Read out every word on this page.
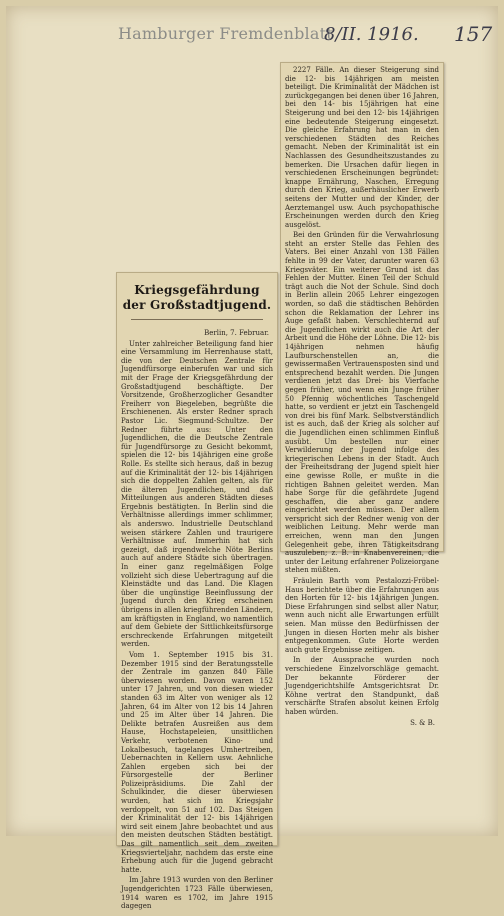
Hamburger Fremdenblatt
8/II. 1916. 157

2227 Fälle. An dieser Steigerung sind die 12- bis 14jährigen am meisten beteiligt. Die Kriminalität der Mädchen ist zurückgegangen bei denen über 16 Jahren, bei den 14- bis 15jährigen hat eine Steigerung und bei den 12- bis 14jährigen eine bedeutende Steigerung eingesetzt. Die gleiche Erfahrung hat man in den verschiedenen Städten des Reiches gemacht. Neben der Kriminalität ist ein Nachlassen des Gesundheitszustandes zu bemerken. Die Ursachen dafür liegen in verschiedenen Erscheinungen begründet: knappe Ernährung, Naschen, Erregung durch den Krieg, außerhäuslicher Erwerb seitens der Mutter und der Kinder, der Aerztemangel usw. Auch psychopathische Erscheinungen werden durch den Krieg ausgelöst.

Bei den Gründen für die Verwahrlosung steht an erster Stelle das Fehlen des Vaters. Bei einer Anzahl von 138 Fällen fehlte in 99 der Vater, darunter waren 63 Kriegsväter. Ein weiterer Grund ist das Fehlen der Mutter. Einen Teil der Schuld trägt auch die Not der Schule. Sind doch in Berlin allein 2065 Lehrer eingezogen worden, so daß die städtischen Behörden schon die Reklamation der Lehrer ins Auge gefaßt haben. Verschlechternd auf die Jugendlichen wirkt auch die Art der Arbeit und die Höhe der Löhne. Die 12- bis 14jährigen nehmen häufig Laufburschenstellen an, die gewissermaßen Vertrauensposten sind und entsprechend bezahlt werden. Die Jungen verdienen jetzt das Drei- bis Vierfache gegen früher, und wenn ein Junge früher 50 Pfennig wöchentliches Taschengeld hatte, so verdient er jetzt ein Taschengeld von drei bis fünf Mark. Selbstverständlich ist es auch, daß der Krieg als solcher auf die Jugendlichen einen schlimmen Einfluß ausübt. Um bestellen nur einer Verwilderung der Jugend infolge des kriegerischen Lebens in der Stadt. Auch der Freiheitsdrang der Jugend spielt hier eine gewisse Rolle, er mußte in die richtigen Bahnen geleitet werden. Man habe Sorge für die gefährdete Jugend geschaffen, die aber ganz andere eingerichtet werden müssen. Der allem verspricht sich der Redner wenig von der weiblichen Leitung. Mehr werde man erreichen, wenn man den Jungen Gelegenheit gebe, ihren Tätigkeitsdrang auszuleben; z. B. in Knabenvereinen, die unter der Leitung erfahrener Polizeiorgane stehen müßten.

Fräulein Barth vom Pestalozzi-Fröbel-Haus berichtete über die Erfahrungen aus den Horten für 12- bis 14jährigen Jungen. Diese Erfahrungen sind selbst aller Natur, wenn auch nicht alle Erwartungen erfüllt seien. Man müsse den Bedürfnissen der Jungen in diesen Horten mehr als bisher entgegenkommen. Gute Horte werden auch gute Ergebnisse zeitigen.

In der Aussprache wurden noch verschiedene Einzelvorschläge gemacht. Der bekannte Förderer der Jugendgerichtshilfe Amtsgerichtsrat Dr. Köhne vertrat den Standpunkt, daß verschärfte Strafen absolut keinen Erfolg haben würden.

S. & B.
Kriegsgefährdung der Großstadtjugend.
Berlin, 7. Februar.

Unter zahlreicher Beteiligung fand hier eine Versammlung im Herrenhause statt, die von der Deutschen Zentrale für Jugendfürsorge einberufen war und sich mit der Frage der Kriegsgefährdung der Großstadtjugend beschäftigte. Der Vorsitzende, Großherzoglicher Gesandter Freiherr von Biegeleben, begrüßte die Erschienenen. Als erster Redner sprach Pastor Lic. Siegmund-Schultze. Der Redner führte aus: Unter den Jugendlichen, die die Deutsche Zentrale für Jugendfürsorge zu Gesicht bekommt, spielen die 12- bis 14jährigen eine große Rolle. Es stellte sich heraus, daß in bezug auf die Kriminalität der 12- bis 14jährigen sich die doppelten Zahlen gelten, als für die älteren Jugendlichen, und daß Mitteilungen aus anderen Städten dieses Ergebnis bestätigten. In Berlin sind die Verhältnisse allerdings immer schlimmer, als anderswo. Industrielle Deutschland weisen stärkere Zahlen und traurigere Verhältnisse auf. Immerhin hat sich gezeigt, daß irgendwelche Nöte Berlins auch auf andere Städte sich übertragen. In einer ganz regelmäßigen Folge vollzieht sich diese Uebertragung auf die Kleinstädte und das Land. Die Klagen über die ungünstige Beeinflussung der Jugend durch den Krieg erscheinen übrigens in allen kriegführenden Ländern, am kräftigsten in England, wo namentlich auf dem Gebiete der Sittlichkeitsfürsorge erschreckende Erfahrungen mitgeteilt werden.

Vom 1. September 1915 bis 31. Dezember 1915 sind der Beratungsstelle der Zentrale im ganzen 840 Fälle überwiesen worden. Davon waren 152 unter 17 Jahren, und von diesen wieder standen 63 im Alter von weniger als 12 Jahren, 64 im Alter von 12 bis 14 Jahren und 25 im Alter über 14 Jahren. Die Delikte betrafen Ausreißen aus dem Hause, Hochstapeleien, unsittlichen Verkehr, verbotenen Kino- und Lokalbesuch, tagelanges Umhertreiben, Uebernachten in Kellern usw. Aehnliche Zahlen ergeben sich bei der Fürsorgestelle der Berliner Polizeipräsidiums. Die Zahl der Schulkinder, die dieser überwiesen wurden, hat sich im Kriegsjahr verdoppelt, von 51 auf 102. Das Steigen der Kriminalität der 12- bis 14jährigen wird seit einem Jahre beobachtet und aus den meisten deutschen Städten bestätigt. Das gilt namentlich seit dem zweiten Kriegsvierteljahr, nachdem das erste eine Erhebung auch für die Jugend gebracht hatte.

Im Jahre 1913 wurden von den Berliner Jugendgerichten 1723 Fälle überwiesen, 1914 waren es 1702, im Jahre 1915 dagegen
